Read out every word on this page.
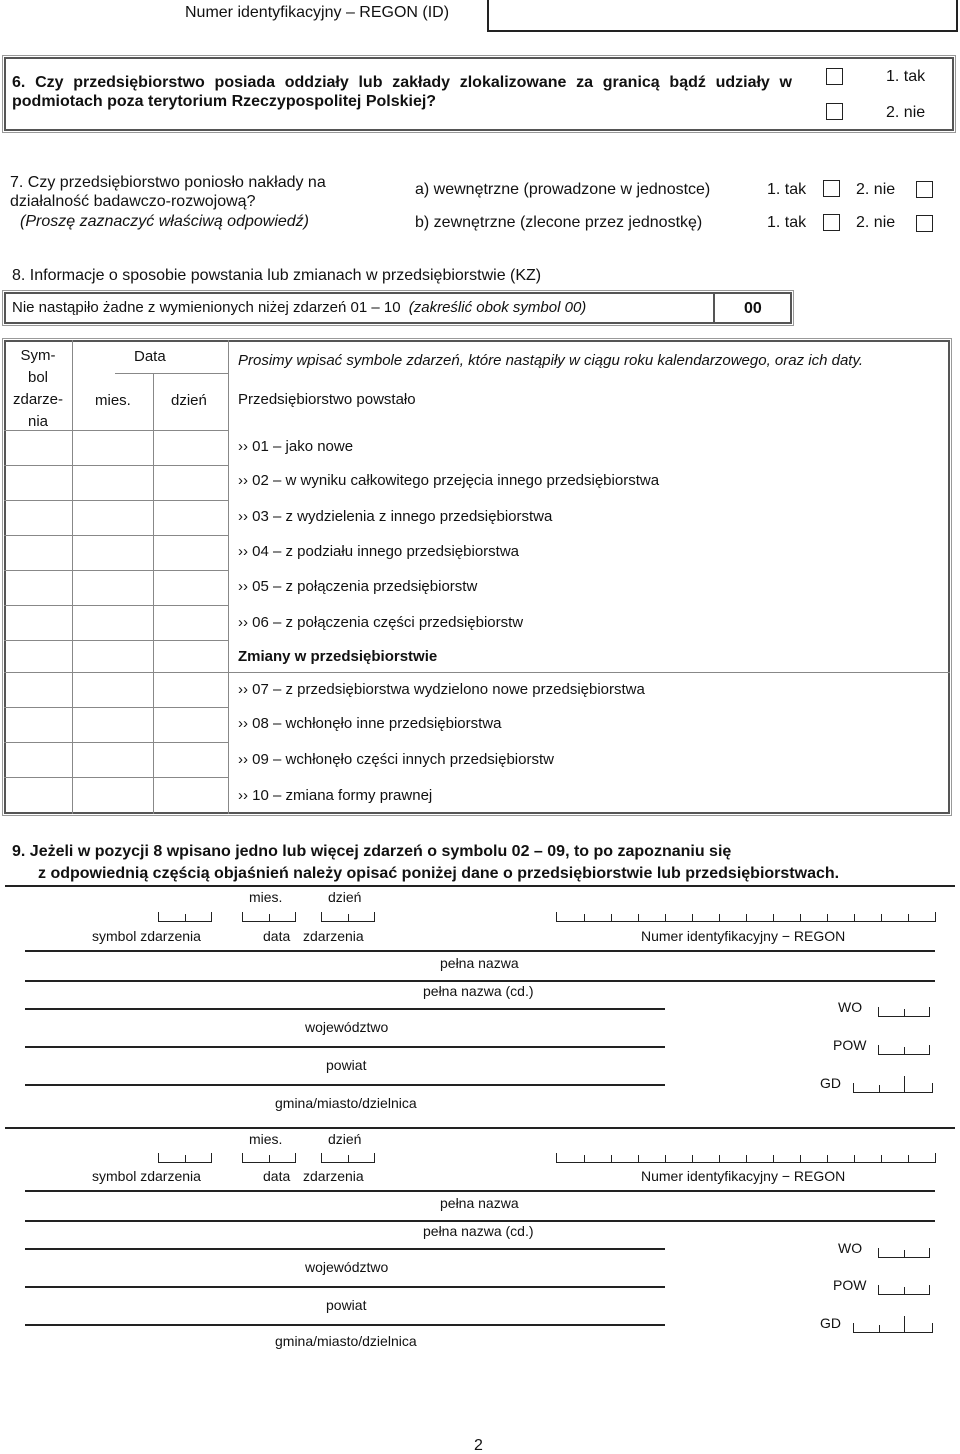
Numer identyfikacyjny – REGON (ID)
6. Czy przedsiębiorstwo posiada oddziały lub zakłady zlokalizowane za granicą bądź udziały w podmiotach poza terytorium Rzeczypospolitej Polskiej?
1. tak
2. nie
7. Czy przedsiębiorstwo poniosło nakłady na działalność badawczo-rozwojową?
(Proszę zaznaczyć właściwą odpowiedź)
a) wewnętrzne (prowadzone w jednostce)	1. tak	2. nie
b) zewnętrzne (zlecone przez jednostkę)	1. tak	2. nie
8. Informacje o sposobie powstania lub zmianach w przedsiębiorstwie (KZ)
Nie nastąpiło żadne z wymienionych niżej zdarzeń 01 – 10 (zakreślić obok symbol 00)	00
Sym-
bol
zdarze-
nia
Data
mies.	dzień
Prosimy wpisać symbole zdarzeń, które nastąpiły w ciągu roku kalendarzowego, oraz ich daty.
Przedsiębiorstwo powstało
›› 01 – jako nowe
›› 02 – w wyniku całkowitego przejęcia innego przedsiębiorstwa
›› 03 – z wydzielenia z innego przedsiębiorstwa
›› 04 – z podziału innego przedsiębiorstwa
›› 05 – z połączenia przedsiębiorstw
›› 06 – z połączenia części przedsiębiorstw
Zmiany w przedsiębiorstwie
›› 07 – z przedsiębiorstwa wydzielono nowe przedsiębiorstwa
›› 08 – wchłonęło inne przedsiębiorstwa
›› 09 – wchłonęło części innych przedsiębiorstw
›› 10 – zmiana formy prawnej
9. Jeżeli w pozycji 8 wpisano jedno lub więcej zdarzeń o symbolu 02 – 09, to po zapoznaniu się
z odpowiednią częścią objaśnień należy opisać poniżej dane o przedsiębiorstwie lub przedsiębiorstwach.
mies.	dzień
symbol zdarzenia	data zdarzenia	Numer identyfikacyjny − REGON
pełna nazwa
pełna nazwa (cd.)
WO
województwo
POW
powiat
GD
gmina/miasto/dzielnica
mies.	dzień
symbol zdarzenia	data zdarzenia	Numer identyfikacyjny − REGON
pełna nazwa
pełna nazwa (cd.)
WO
województwo
POW
powiat
GD
gmina/miasto/dzielnica
2
